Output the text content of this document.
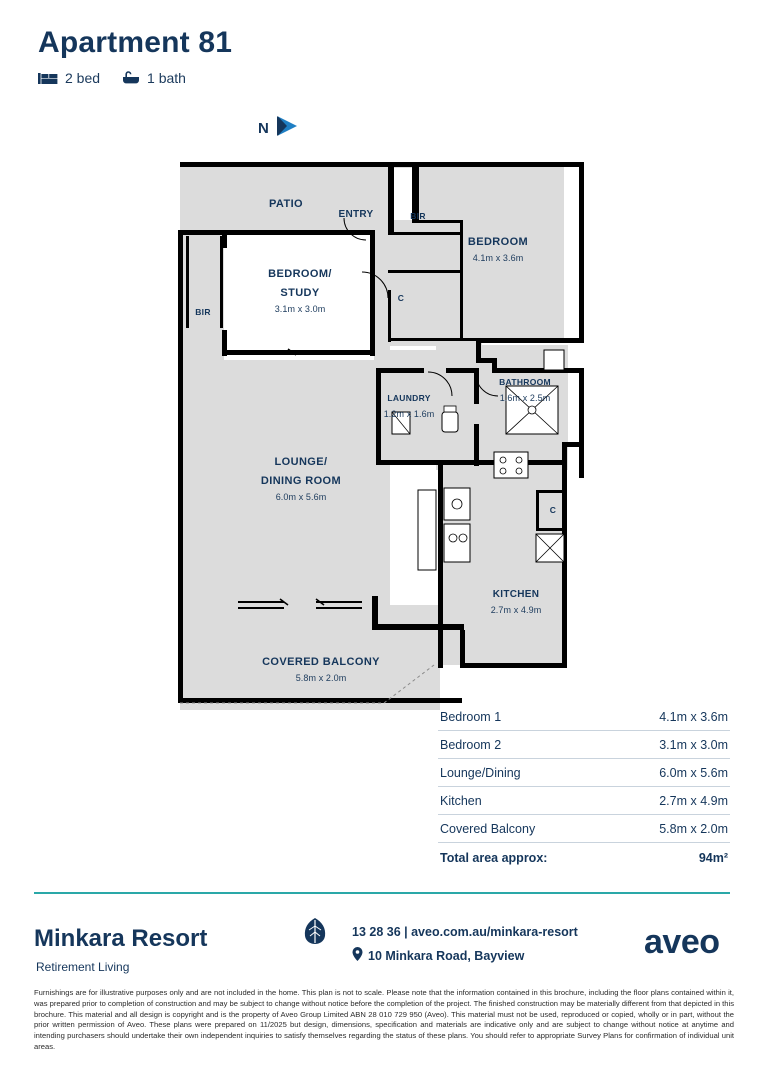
Apartment 81
2 bed	1 bath
N
PATIO
ENTRY	BIR
BEDROOM
4.1m x 3.6m
C
BIR
BEDROOM/
STUDY
3.1m x 3.0m
LAUNDRY
1.2m x 1.6m
BATHROOM
1.6m x 2.5m
LOUNGE/
DINING ROOM
6.0m x 5.6m
C
KITCHEN
2.7m x 4.9m
COVERED BALCONY
5.8m x 2.0m
Bedroom 1	4.1m x 3.6m
Bedroom 2	3.1m x 3.0m
Lounge/Dining	6.0m x 5.6m
Kitchen	2.7m x 4.9m
Covered Balcony	5.8m x 2.0m
Total area approx:	94m²
Minkara Resort
Retirement Living
13 28 36 | aveo.com.au/minkara-resort
10 Minkara Road, Bayview	aveo
Furnishings are for illustrative purposes only and are not included in the home. This plan is not to scale. Please note that the information contained in this brochure, including the floor plans contained within it, was prepared prior to completion of construction and may be subject to change without notice before the completion of the project. The finished construction may be materially different from that depicted in this brochure. This material and all design is copyright and is the property of Aveo Group Limited ABN 28 010 729 950 (Aveo). This material must not be used, reproduced or copied, wholly or in part, without the prior written permission of Aveo. These plans were prepared on 11/2025 but design, dimensions, specification and materials are indicative only and are subject to change without notice at anytime and intending purchasers should undertake their own independent inquiries to satisfy themselves regarding the status of these plans. You should refer to appropriate Survey Plans for confirmation of individual unit areas.
